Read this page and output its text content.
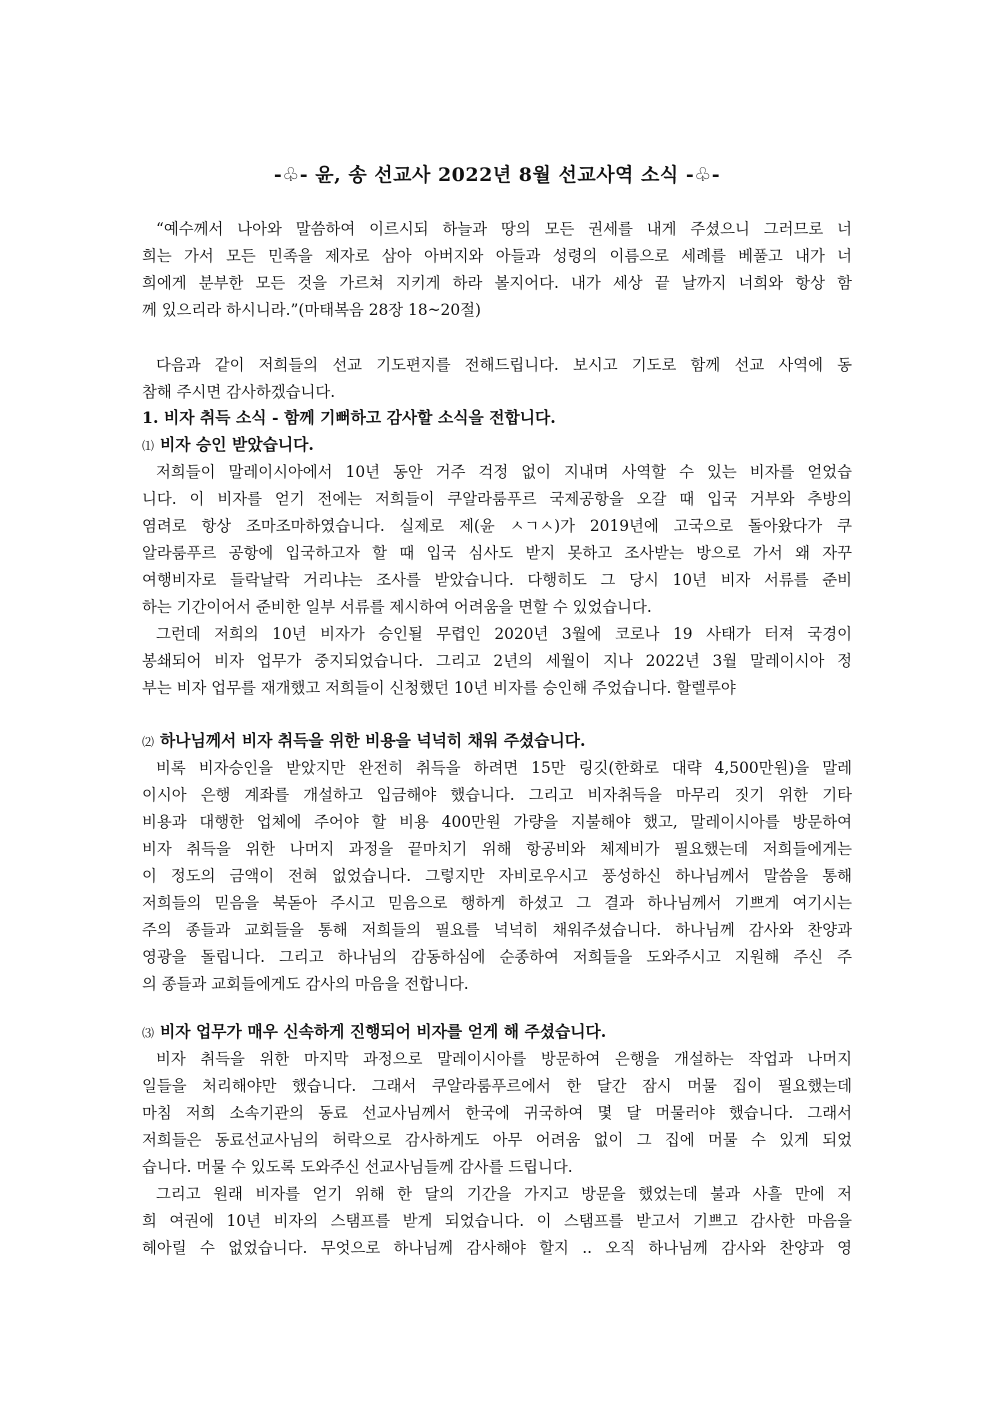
-♧- 윤, 송 선교사 2022년 8월 선교사역 소식 -♧-
“예수께서 나아와 말씀하여 이르시되 하늘과 땅의 모든 권세를 내게 주셨으니 그러므로 너
희는 가서 모든 민족을 제자로 삼아 아버지와 아들과 성령의 이름으로 세례를 베풀고 내가 너
희에게 분부한 모든 것을 가르쳐 지키게 하라 볼지어다. 내가 세상 끝 날까지 너희와 항상 함
께 있으리라 하시니라.”(마태복음 28장 18~20절)
다음과 같이 저희들의 선교 기도편지를 전해드립니다. 보시고 기도로 함께 선교 사역에 동
참해 주시면 감사하겠습니다.
1. 비자 취득 소식 - 함께 기뻐하고 감사할 소식을 전합니다.
⑴ 비자 승인 받았습니다.
저희들이 말레이시아에서 10년 동안 거주 걱정 없이 지내며 사역할 수 있는 비자를 얻었습
니다. 이 비자를 얻기 전에는 저희들이 쿠알라룸푸르 국제공항을 오갈 때 입국 거부와 추방의
염려로 항상 조마조마하였습니다. 실제로 제(윤 ㅅㄱㅅ)가 2019년에 고국으로 돌아왔다가 쿠
알라룸푸르 공항에 입국하고자 할 때 입국 심사도 받지 못하고 조사받는 방으로 가서 왜 자꾸
여행비자로 들락날락 거리냐는 조사를 받았습니다. 다행히도 그 당시 10년 비자 서류를 준비
하는 기간이어서 준비한 일부 서류를 제시하여 어려움을 면할 수 있었습니다.
그런데 저희의 10년 비자가 승인될 무렵인 2020년 3월에 코로나 19 사태가 터져 국경이
봉쇄되어 비자 업무가 중지되었습니다. 그리고 2년의 세월이 지나 2022년 3월 말레이시아 정
부는 비자 업무를 재개했고 저희들이 신청했던 10년 비자를 승인해 주었습니다. 할렐루야
⑵ 하나님께서 비자 취득을 위한 비용을 넉넉히 채워 주셨습니다.
비록 비자승인을 받았지만 완전히 취득을 하려면 15만 링깃(한화로 대략 4,500만원)을 말레
이시아 은행 계좌를 개설하고 입금해야 했습니다. 그리고 비자취득을 마무리 짓기 위한 기타
비용과 대행한 업체에 주어야 할 비용 400만원 가량을 지불해야 했고, 말레이시아를 방문하여
비자 취득을 위한 나머지 과정을 끝마치기 위해 항공비와 체제비가 필요했는데 저희들에게는
이 정도의 금액이 전혀 없었습니다. 그렇지만 자비로우시고 풍성하신 하나님께서 말씀을 통해
저희들의 믿음을 북돋아 주시고 믿음으로 행하게 하셨고 그 결과 하나님께서 기쁘게 여기시는
주의 종들과 교회들을 통해 저희들의 필요를 넉넉히 채워주셨습니다. 하나님께 감사와 찬양과
영광을 돌립니다. 그리고 하나님의 감동하심에 순종하여 저희들을 도와주시고 지원해 주신 주
의 종들과 교회들에게도 감사의 마음을 전합니다.
⑶ 비자 업무가 매우 신속하게 진행되어 비자를 얻게 해 주셨습니다.
비자 취득을 위한 마지막 과정으로 말레이시아를 방문하여 은행을 개설하는 작업과 나머지
일들을 처리해야만 했습니다. 그래서 쿠알라룸푸르에서 한 달간 잠시 머물 집이 필요했는데
마침 저희 소속기관의 동료 선교사님께서 한국에 귀국하여 몇 달 머물러야 했습니다. 그래서
저희들은 동료선교사님의 허락으로 감사하게도 아무 어려움 없이 그 집에 머물 수 있게 되었
습니다. 머물 수 있도록 도와주신 선교사님들께 감사를 드립니다.
그리고 원래 비자를 얻기 위해 한 달의 기간을 가지고 방문을 했었는데 불과 사흘 만에 저
희 여권에 10년 비자의 스탬프를 받게 되었습니다. 이 스탬프를 받고서 기쁘고 감사한 마음을
헤아릴 수 없었습니다. 무엇으로 하나님께 감사해야 할지 .. 오직 하나님께 감사와 찬양과 영
